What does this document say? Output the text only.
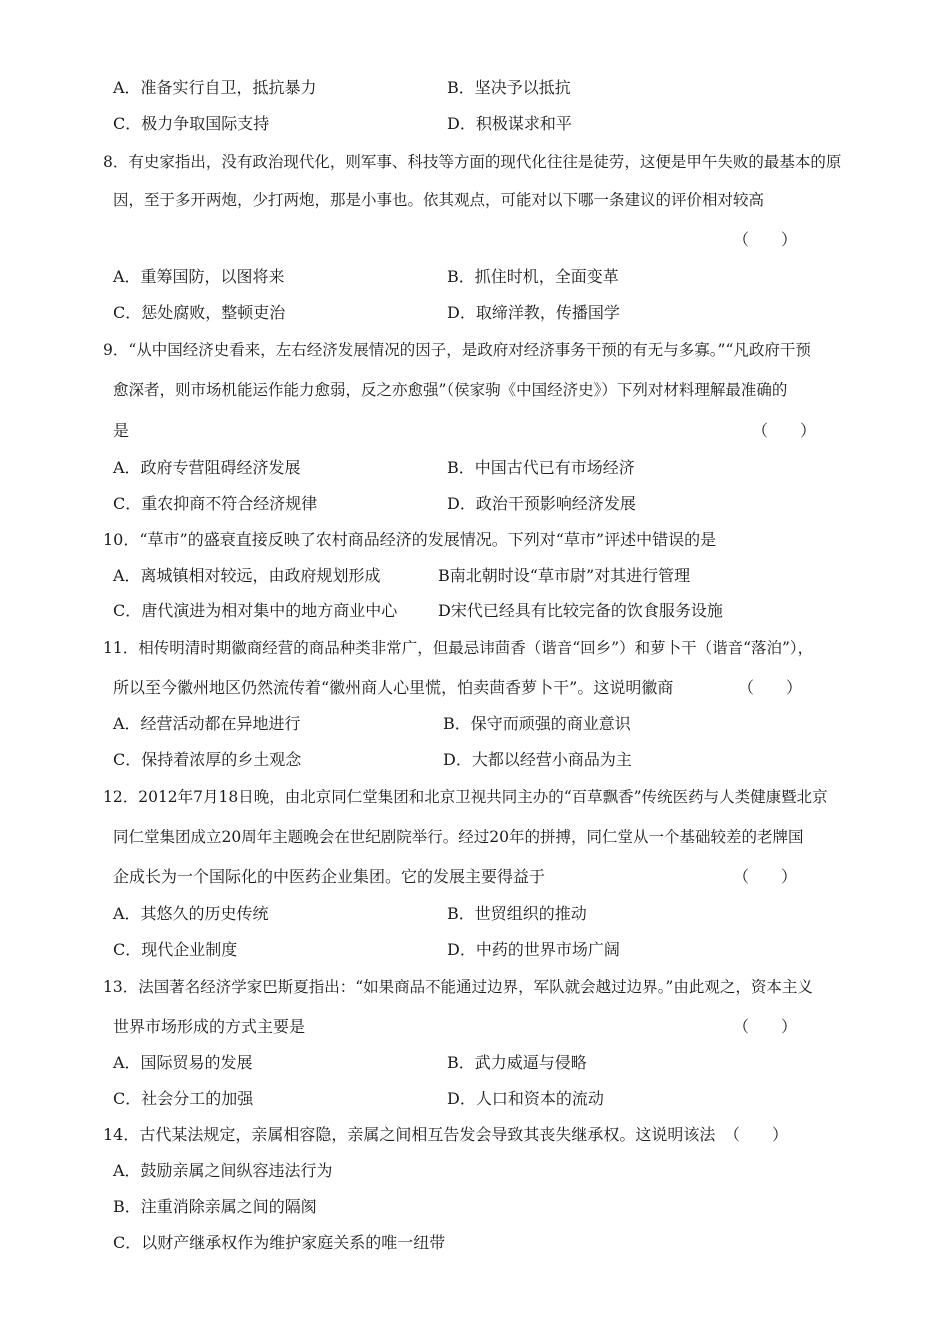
A．准备实行自卫，抵抗暴力	B．坚决予以抵抗
C．极力争取国际支持	D．积极谋求和平
8．有史家指出，没有政治现代化，则军事、科技等方面的现代化往往是徒劳，这便是甲午失败的最基本的原
因，至于多开两炮，少打两炮，那是小事也。依其观点，可能对以下哪一条建议的评价相对较高
（　　）
A．重筹国防，以图将来	B．抓住时机，全面变革
C．惩处腐败，整顿吏治	D．取缔洋教，传播国学
9．“从中国经济史看来，左右经济发展情况的因子，是政府对经济事务干预的有无与多寡。”“凡政府干预
愈深者，则市场机能运作能力愈弱，反之亦愈强”（侯家驹《中国经济史》）下列对材料理解最准确的
是	（　　）
A．政府专营阻碍经济发展	B．中国古代已有市场经济
C．重农抑商不符合经济规律	D．政治干预影响经济发展
10．“草市”的盛衰直接反映了农村商品经济的发展情况。下列对“草市”评述中错误的是
A．离城镇相对较远，由政府规划形成	B南北朝时设“草市尉”对其进行管理
C．唐代演进为相对集中的地方商业中心	D宋代已经具有比较完备的饮食服务设施
11．相传明清时期徽商经营的商品种类非常广，但最忌讳茴香（谐音“回乡”）和萝卜干（谐音“落泊”），
所以至今徽州地区仍然流传着“徽州商人心里慌，怕卖茴香萝卜干”。这说明徽商	（　　）
A．经营活动都在异地进行	B．保守而顽强的商业意识
C．保持着浓厚的乡土观念	D．大都以经营小商品为主
12．2012年7月18日晚，由北京同仁堂集团和北京卫视共同主办的“百草飘香”传统医药与人类健康暨北京
同仁堂集团成立20周年主题晚会在世纪剧院举行。经过20年的拼搏，同仁堂从一个基础较差的老牌国
企成长为一个国际化的中医药企业集团。它的发展主要得益于	（　　）
A．其悠久的历史传统	B．世贸组织的推动
C．现代企业制度	D．中药的世界市场广阔
13．法国著名经济学家巴斯夏指出：“如果商品不能通过边界，军队就会越过边界。”由此观之，资本主义
世界市场形成的方式主要是	（　　）
A．国际贸易的发展	B．武力威逼与侵略
C．社会分工的加强	D．人口和资本的流动
14．古代某法规定，亲属相容隐，亲属之间相互告发会导致其丧失继承权。这说明该法 （　　）
A．鼓励亲属之间纵容违法行为
B．注重消除亲属之间的隔阂
C．以财产继承权作为维护家庭关系的唯一纽带
